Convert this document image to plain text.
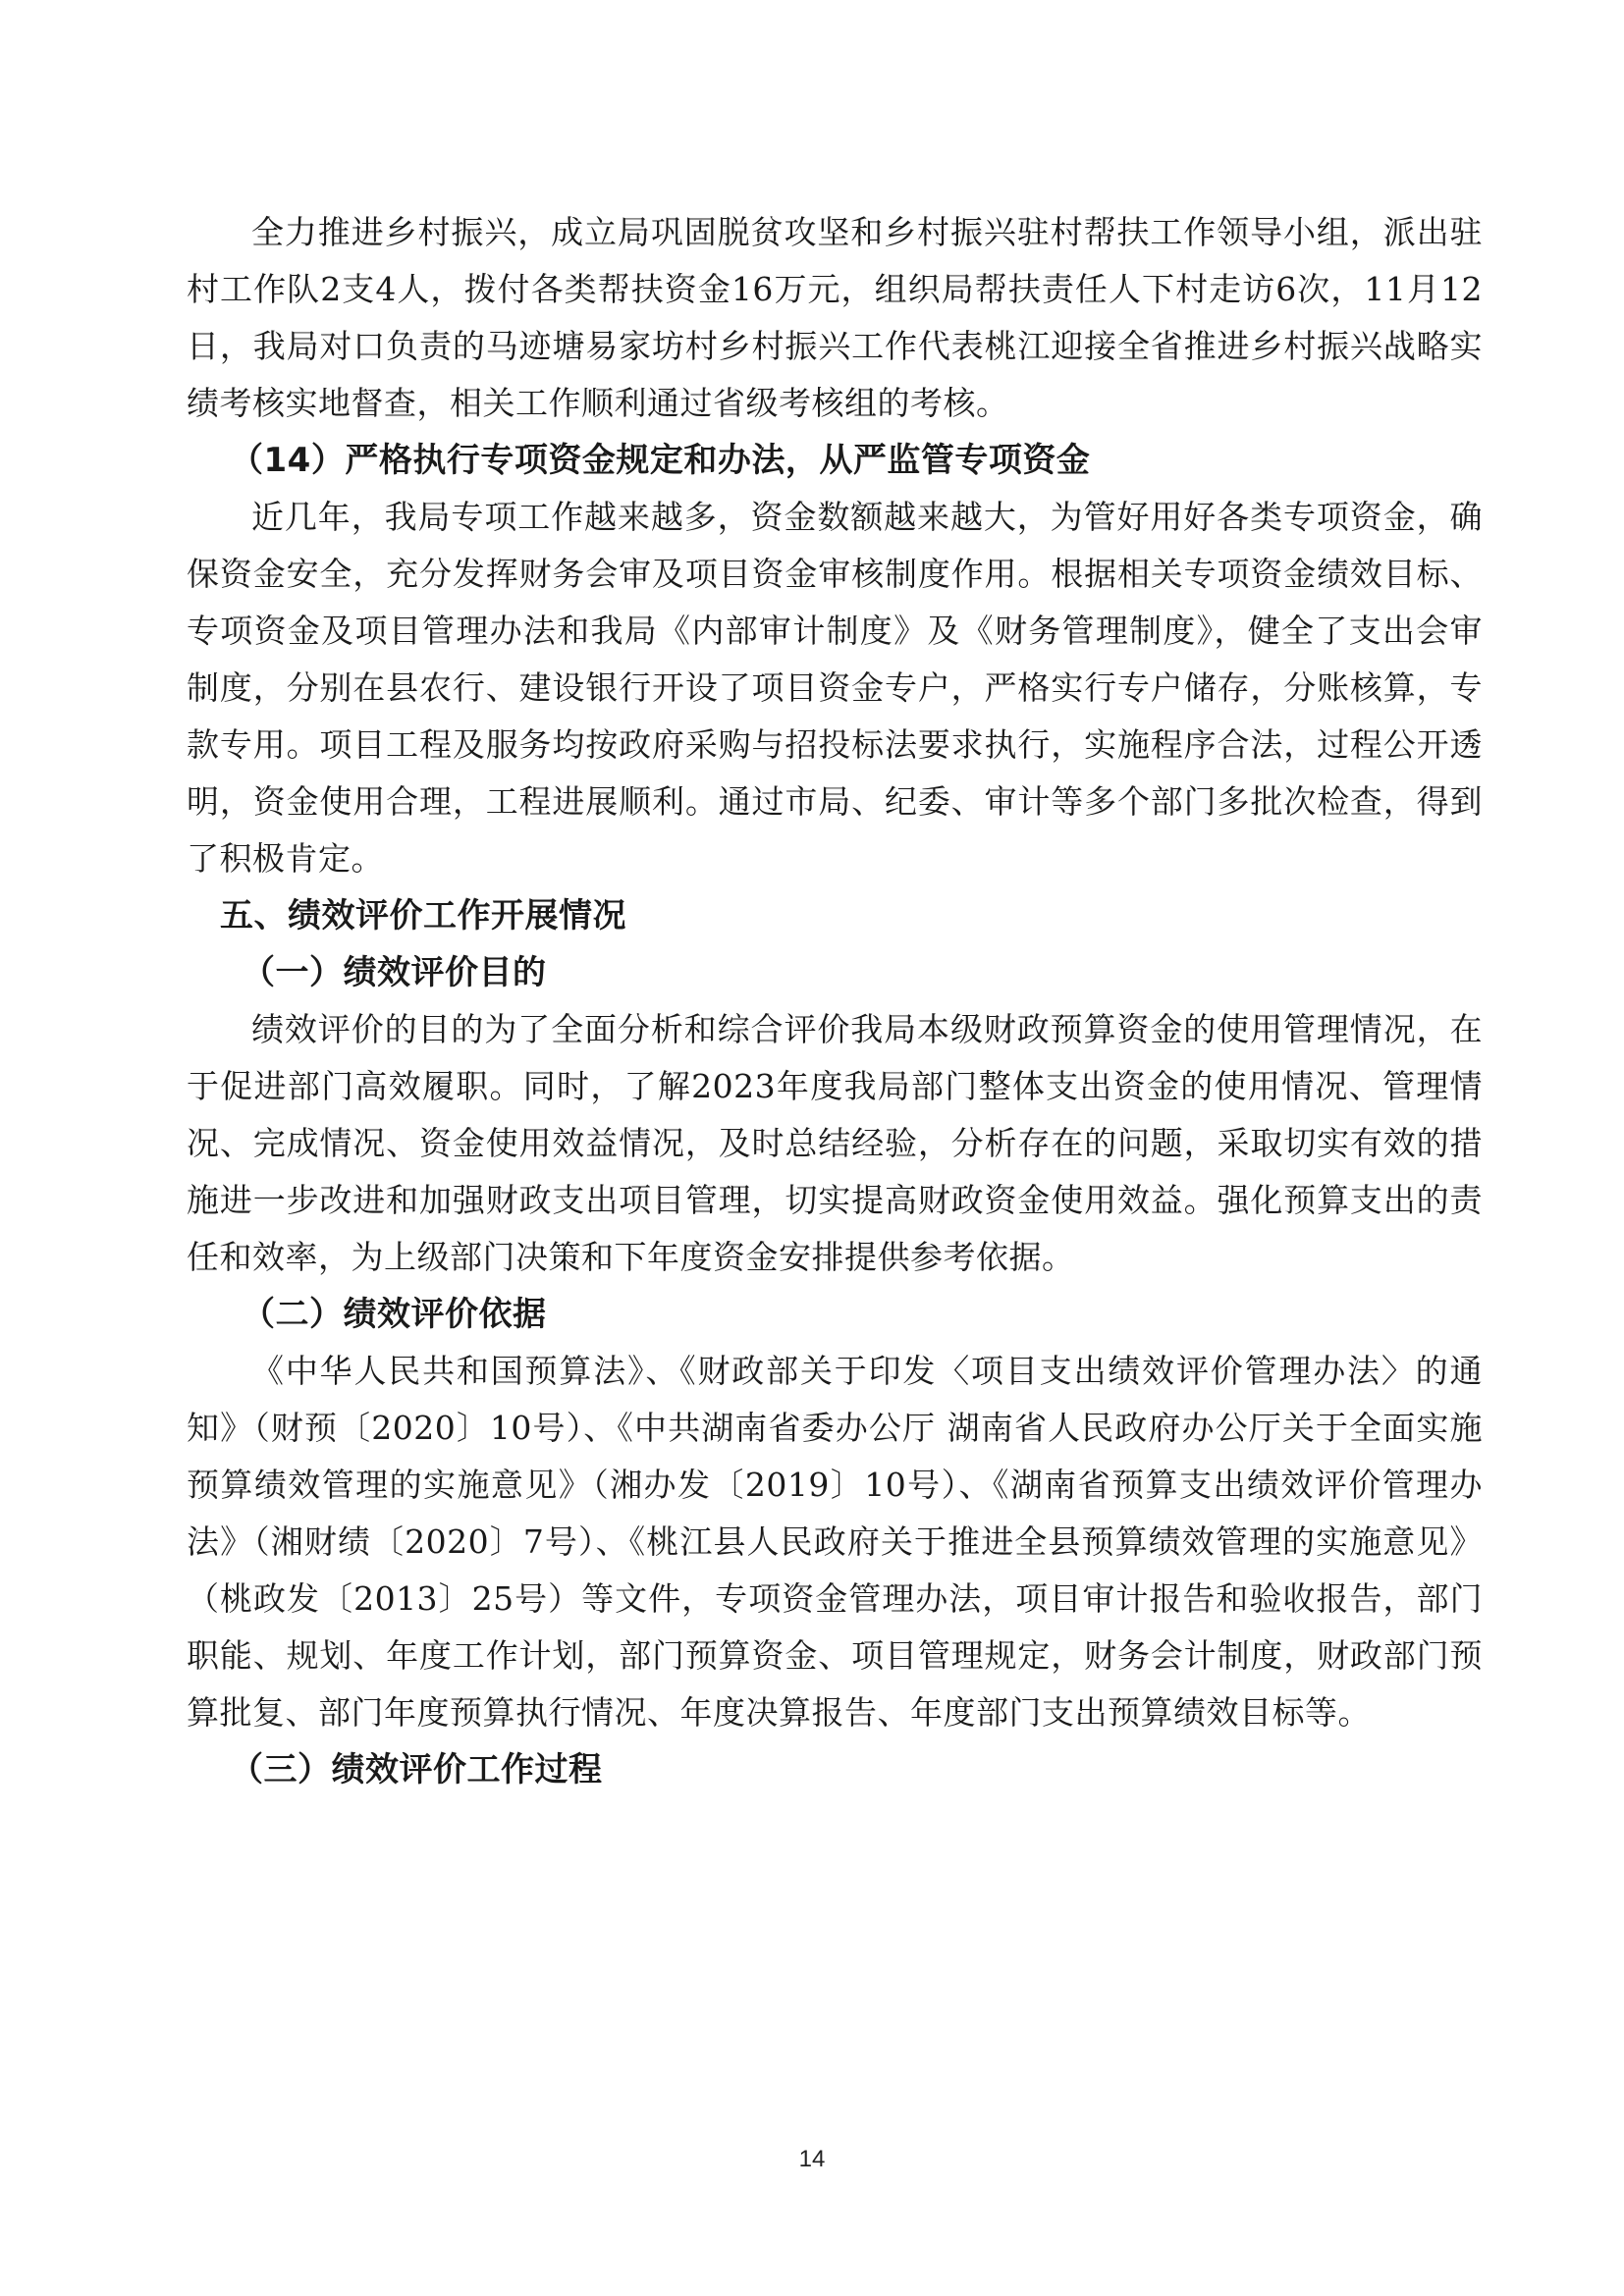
全力推进乡村振兴，成立局巩固脱贫攻坚和乡村振兴驻村帮扶工作领导小组，派出驻村工作队2支4人，拨付各类帮扶资金16万元，组织局帮扶责任人下村走访6次，11月12日，我局对口负责的马迹塘易家坊村乡村振兴工作代表桃江迎接全省推进乡村振兴战略实绩考核实地督查，相关工作顺利通过省级考核组的考核。

（14）严格执行专项资金规定和办法，从严监管专项资金

近几年，我局专项工作越来越多，资金数额越来越大，为管好用好各类专项资金，确保资金安全，充分发挥财务会审及项目资金审核制度作用。根据相关专项资金绩效目标、专项资金及项目管理办法和我局《内部审计制度》及《财务管理制度》，健全了支出会审制度，分别在县农行、建设银行开设了项目资金专户，严格实行专户储存，分账核算，专款专用。项目工程及服务均按政府采购与招投标法要求执行，实施程序合法，过程公开透明，资金使用合理，工程进展顺利。通过市局、纪委、审计等多个部门多批次检查，得到了积极肯定。

五、绩效评价工作开展情况

（一）绩效评价目的

绩效评价的目的为了全面分析和综合评价我局本级财政预算资金的使用管理情况，在于促进部门高效履职。同时，了解2023年度我局部门整体支出资金的使用情况、管理情况、完成情况、资金使用效益情况，及时总结经验，分析存在的问题，采取切实有效的措施进一步改进和加强财政支出项目管理，切实提高财政资金使用效益。强化预算支出的责任和效率，为上级部门决策和下年度资金安排提供参考依据。

（二）绩效评价依据

《中华人民共和国预算法》、《财政部关于印发〈项目支出绩效评价管理办法〉的通知》（财预〔2020〕10号）、《中共湖南省委办公厅 湖南省人民政府办公厅关于全面实施预算绩效管理的实施意见》（湘办发〔2019〕10号）、《湖南省预算支出绩效评价管理办法》（湘财绩〔2020〕7号）、《桃江县人民政府关于推进全县预算绩效管理的实施意见》（桃政发〔2013〕25号）等文件，专项资金管理办法，项目审计报告和验收报告，部门职能、规划、年度工作计划，部门预算资金、项目管理规定，财务会计制度，财政部门预算批复、部门年度预算执行情况、年度决算报告、年度部门支出预算绩效目标等。

（三）绩效评价工作过程

14
